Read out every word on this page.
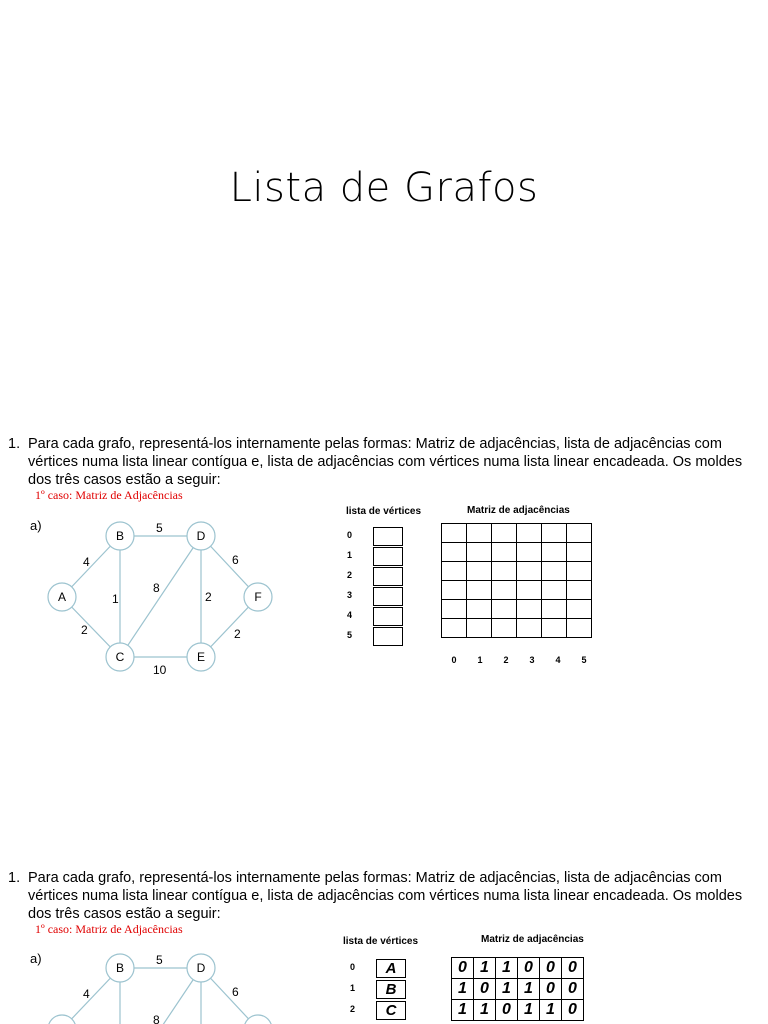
Lista de Grafos
1. Para cada grafo, representá-los internamente pelas formas: Matriz de adjacências, lista de adjacências com vértices numa lista linear contígua e, lista de adjacências com vértices numa lista linear encadeada. Os moldes dos três casos estão a seguir:
1º caso: Matriz de Adjacências
a)
4
2
1
5
8
10
2
6
2
A
B
C
D
E
F
lista de vértices
0
1
2
3
4
5
Matriz de adjacências

0 1 2 3 4 5
1. Para cada grafo, representá-los internamente pelas formas: Matriz de adjacências, lista de adjacências com vértices numa lista linear contígua e, lista de adjacências com vértices numa lista linear encadeada. Os moldes dos três casos estão a seguir:
1º caso: Matriz de Adjacências
a)
4
5
8
6
B	D
lista de vértices
0	A
1	B
2	C
Matriz de adjacências
0	1	1	0	0	0
1	0	1	1	0	0
1	1	0	1	1	0
